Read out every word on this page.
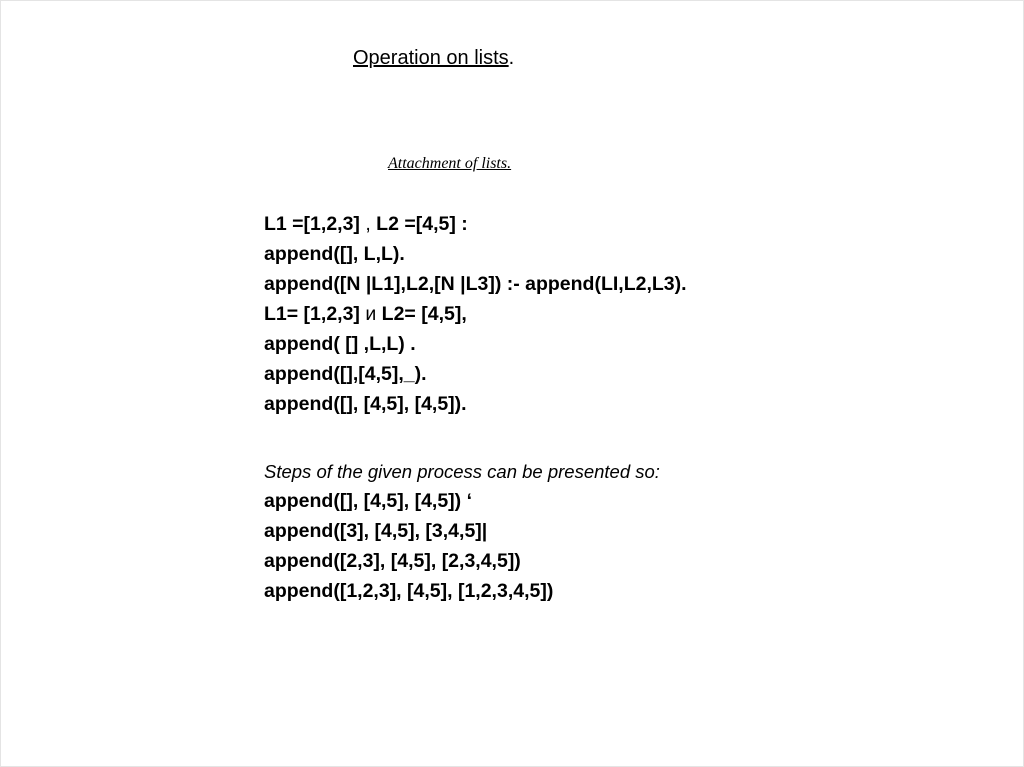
Operation on lists.
Attachment of lists.
L1 =[1,2,3] , L2 =[4,5] :
append([], L,L).
append([N |L1],L2,[N |L3]) :- append(LI,L2,L3).
L1= [1,2,3] и L2= [4,5],
append( [] ,L,L) .
append([],[4,5],_).
append([], [4,5], [4,5]).
Steps of the given process can be presented so:
append([], [4,5], [4,5]) ‘
append([3], [4,5], [3,4,5]|
append([2,3], [4,5], [2,3,4,5])
append([1,2,3], [4,5], [1,2,3,4,5])
